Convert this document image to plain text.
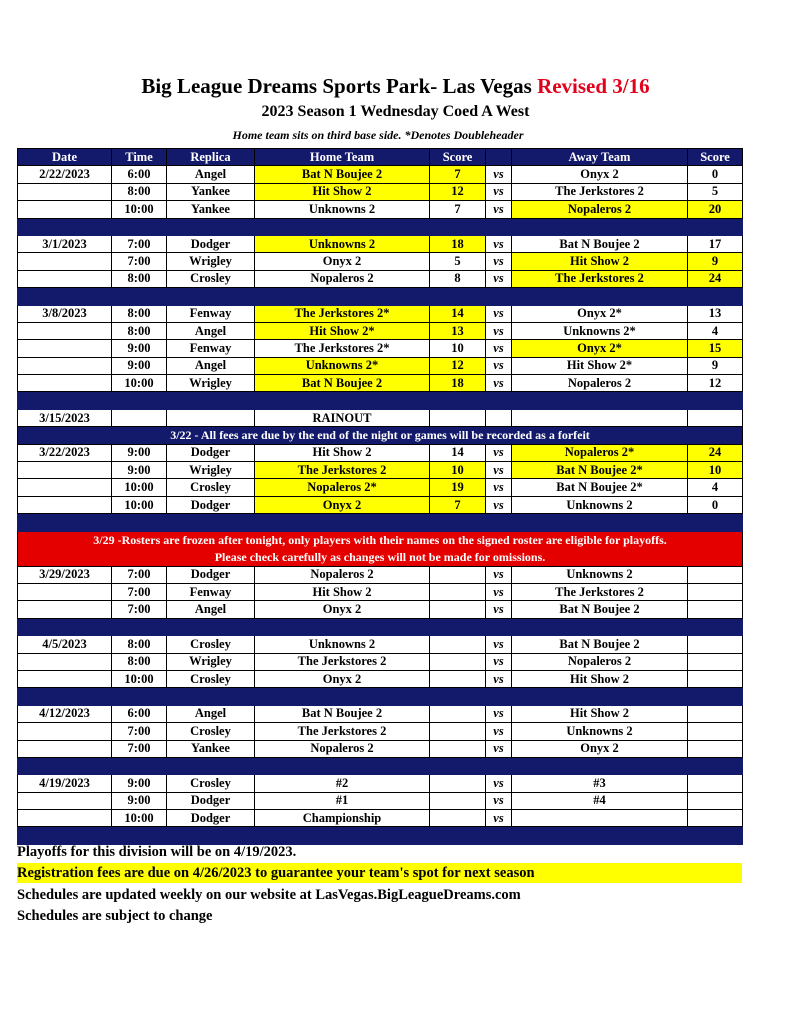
Big League Dreams Sports Park- Las Vegas Revised 3/16
2023 Season 1 Wednesday Coed A West
Home team sits on third base side. *Denotes Doubleheader
Date	Time	Replica	Home Team	Score		Away Team	Score
2/22/2023	6:00	Angel	Bat N Boujee 2	7	vs	Onyx 2	0
	8:00	Yankee	Hit Show 2	12	vs	The Jerkstores 2	5
	10:00	Yankee	Unknowns 2	7	vs	Nopaleros 2	20

3/1/2023	7:00	Dodger	Unknowns 2	18	vs	Bat N Boujee 2	17
	7:00	Wrigley	Onyx 2	5	vs	Hit Show 2	9
	8:00	Crosley	Nopaleros 2	8	vs	The Jerkstores 2	24

3/8/2023	8:00	Fenway	The Jerkstores 2*	14	vs	Onyx 2*	13
	8:00	Angel	Hit Show 2*	13	vs	Unknowns 2*	4
	9:00	Fenway	The Jerkstores 2*	10	vs	Onyx 2*	15
	9:00	Angel	Unknowns 2*	12	vs	Hit Show 2*	9
	10:00	Wrigley	Bat N Boujee 2	18	vs	Nopaleros 2	12

3/15/2023			RAINOUT				
3/22 - All fees are due by the end of the night or games will be recorded as a forfeit							
3/22/2023	9:00	Dodger	Hit Show 2	14	vs	Nopaleros 2*	24
	9:00	Wrigley	The Jerkstores 2	10	vs	Bat N Boujee 2*	10
	10:00	Crosley	Nopaleros 2*	19	vs	Bat N Boujee 2*	4
	10:00	Dodger	Onyx 2	7	vs	Unknowns 2	0

3/29 -Rosters are frozen after tonight, only players with their names on the signed roster are eligible for playoffs.
Please check carefully as changes will not be made for omissions.							

3/29/2023	7:00	Dodger	Nopaleros 2		vs	Unknowns 2	
	7:00	Fenway	Hit Show 2		vs	The Jerkstores 2	
	7:00	Angel	Onyx 2		vs	Bat N Boujee 2	

4/5/2023	8:00	Crosley	Unknowns 2		vs	Bat N Boujee 2	
	8:00	Wrigley	The Jerkstores 2		vs	Nopaleros 2	
	10:00	Crosley	Onyx 2		vs	Hit Show 2	

4/12/2023	6:00	Angel	Bat N Boujee 2		vs	Hit Show 2	
	7:00	Crosley	The Jerkstores 2		vs	Unknowns 2	
	7:00	Yankee	Nopaleros 2		vs	Onyx 2	

4/19/2023	9:00	Crosley	#2		vs	#3	
	9:00	Dodger	#1		vs	#4	
	10:00	Dodger	Championship		vs		

Playoffs for this division will be on 4/19/2023.
Registration fees are due on 4/26/2023 to guarantee your team's spot for next season
Schedules are updated weekly on our website at LasVegas.BigLeagueDreams.com
Schedules are subject to change
